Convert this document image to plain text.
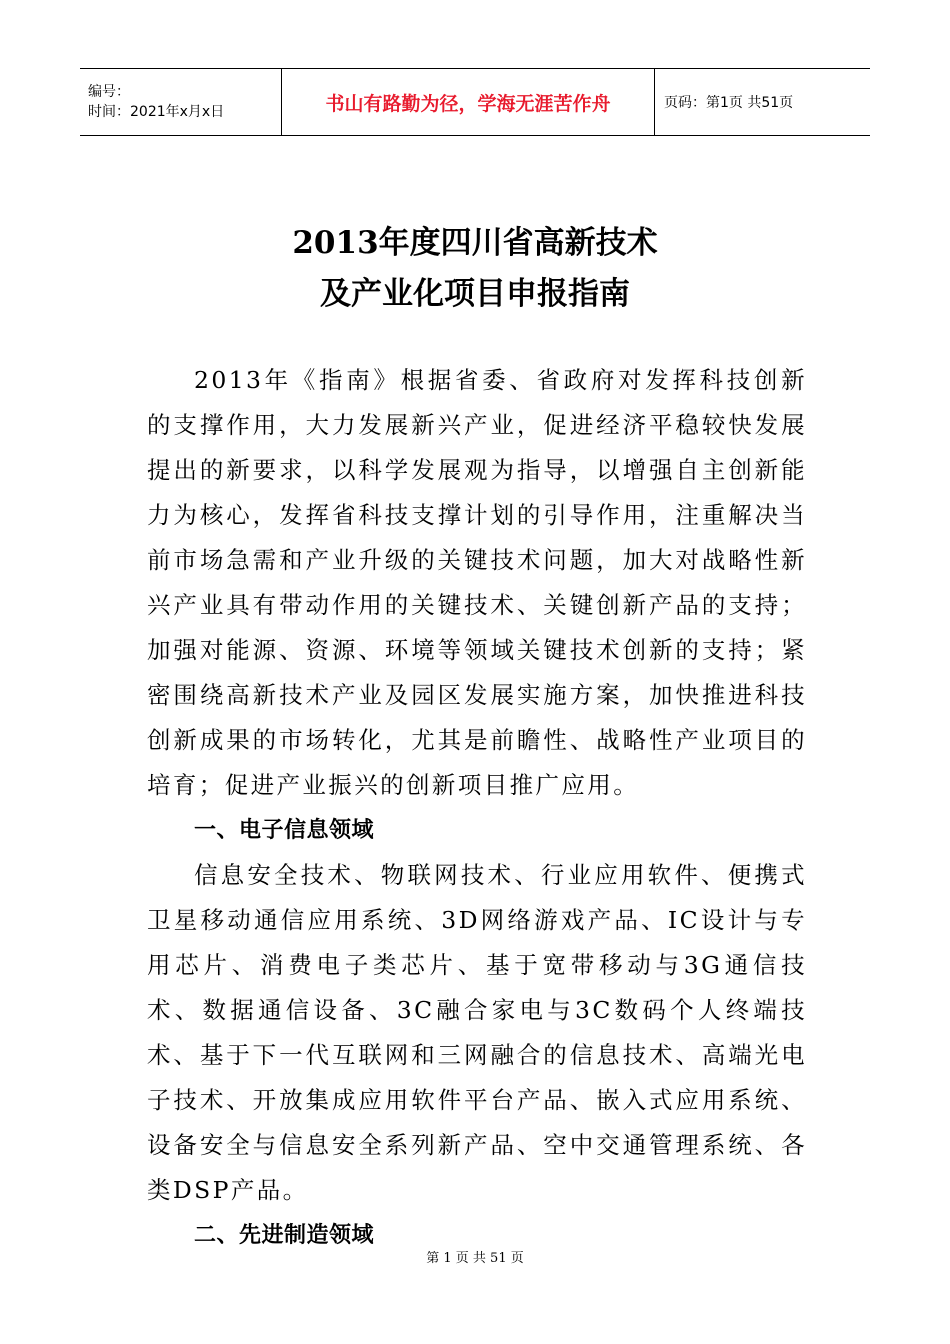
编号：
时间：2021年x月x日	书山有路勤为径，学海无涯苦作舟	页码：第1页 共51页
2013年度四川省高新技术
及产业化项目申报指南

2013年《指南》根据省委、省政府对发挥科技创新的支撑作用，大力发展新兴产业，促进经济平稳较快发展提出的新要求，以科学发展观为指导，以增强自主创新能力为核心，发挥省科技支撑计划的引导作用，注重解决当前市场急需和产业升级的关键技术问题，加大对战略性新兴产业具有带动作用的关键技术、关键创新产品的支持；加强对能源、资源、环境等领域关键技术创新的支持；紧密围绕高新技术产业及园区发展实施方案，加快推进科技创新成果的市场转化，尤其是前瞻性、战略性产业项目的培育；促进产业振兴的创新项目推广应用。

一、电子信息领域

信息安全技术、物联网技术、行业应用软件、便携式卫星移动通信应用系统、3D网络游戏产品、IC设计与专用芯片、消费电子类芯片、基于宽带移动与3G通信技术、数据通信设备、3C融合家电与3C数码个人终端技术、基于下一代互联网和三网融合的信息技术、高端光电子技术、开放集成应用软件平台产品、嵌入式应用系统、设备安全与信息安全系列新产品、空中交通管理系统、各类DSP产品。

二、先进制造领域

第 1 页 共 51 页
